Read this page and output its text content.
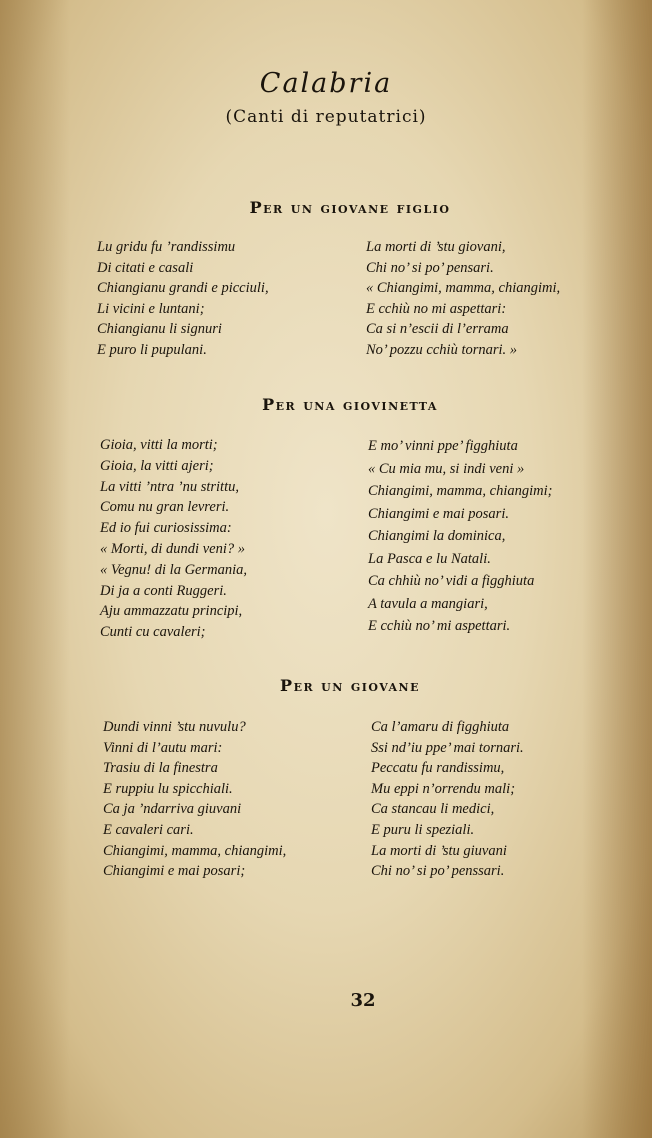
Calabria
(Canti di reputatrici)
Per un giovane figlio
Lu gridu fu ’randissimu
Di citati e casali
Chiangianu grandi e picciuli,
Li vicini e luntani;
Chiangianu li signuri
E puro li pupulani.
La morti di ’stu giovani,
Chi no’ si po’ pensari.
« Chiangimi, mamma, chiangimi,
E cchiù no mi aspettari:
Ca si n’escii di l’erramа
No’ pozzu cchiù tornari. »
Per una giovinetta
Gioia, vitti la morti;
Gioia, la vitti ajeri;
La vitti ’ntra ’nu strittu,
Comu nu gran levreri.
Ed io fui curiosissima:
« Morti, di dundi veni? »
« Vegnu! di la Germania,
Di ja a conti Ruggeri.
Aju ammazzatu principi,
Cunti cu cavaleri;
E mo’ vinni ppe’ figghiuta
« Cu mia mu, si indi veni »
Chiangimi, mamma, chiangimi;
Chiangimi e mai posari.
Chiangimi la dominica,
La Pasca e lu Natali.
Ca chhiù no’ vidi a figghiuta
A tavula a mangiari,
E cchiù no’ mi aspettari.
Per un giovane
Dundi vinni ’stu nuvulu?
Vinni di l’autu mari:
Trasiu di la finestra
E ruppiu lu spicchiali.
Ca ja ’ndarriva giuvani
E cavaleri cari.
Chiangimi, mamma, chiangimi,
Chiangimi e mai posari;
Ca l’amaru di figghiuta
Ssi nd’iu ppe’ mai tornari.
Peccatu fu randissimu,
Mu eppi n’orrendu mali;
Ca stancau li medici,
E puru li speziali.
La morti di ’stu giuvani
Chi no’ si po’ penssari.
32
